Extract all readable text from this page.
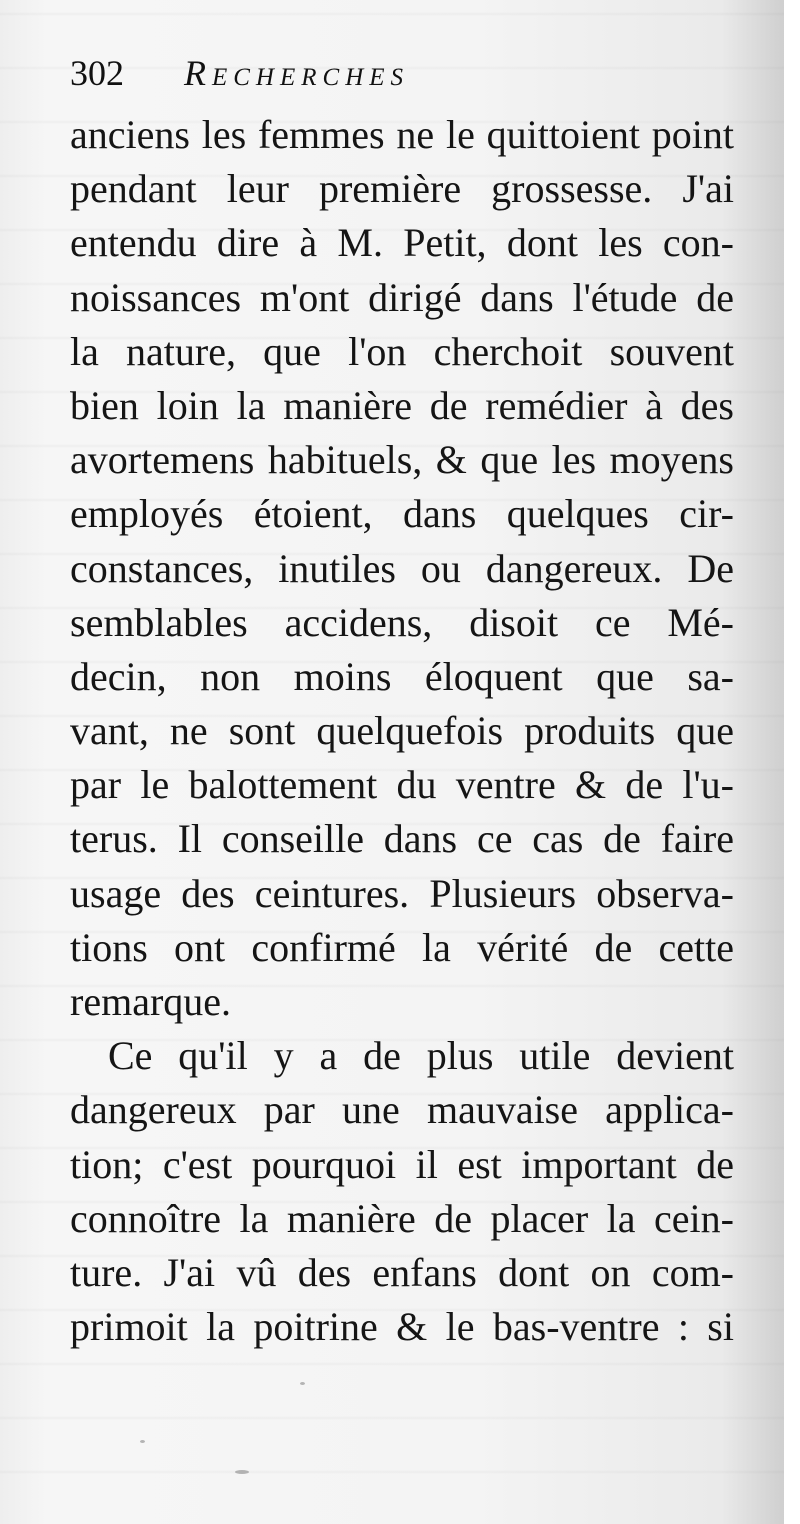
302 Recherches
anciens les femmes ne le quittoient point
pendant leur première grossesse. J'ai
entendu dire à M. Petit, dont les con-
noissances m'ont dirigé dans l'étude de
la nature, que l'on cherchoit souvent
bien loin la manière de remédier à des
avortemens habituels, & que les moyens
employés étoient, dans quelques cir-
constances, inutiles ou dangereux. De
semblables accidens, disoit ce Mé-
decin, non moins éloquent que sa-
vant, ne sont quelquefois produits que
par le balottement du ventre & de l'u-
terus. Il conseille dans ce cas de faire
usage des ceintures. Plusieurs observa-
tions ont confirmé la vérité de cette
remarque.
Ce qu'il y a de plus utile devient
dangereux par une mauvaise applica-
tion; c'est pourquoi il est important de
connoître la manière de placer la cein-
ture. J'ai vû des enfans dont on com-
primoit la poitrine & le bas-ventre : si
